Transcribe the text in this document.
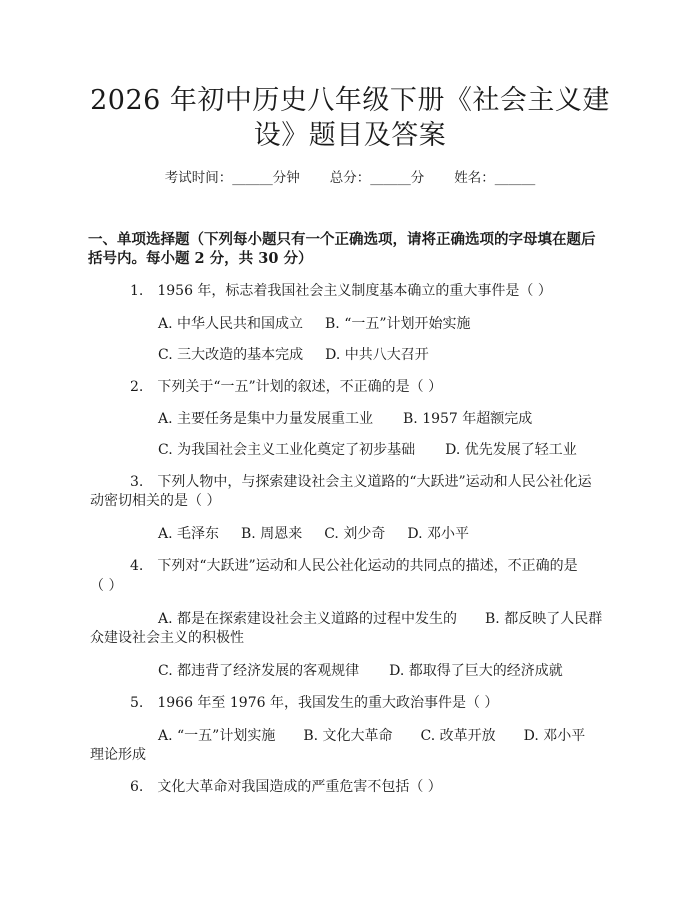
2026 年初中历史八年级下册《社会主义建
设》题目及答案
考试时间：______分钟 总分：______分 姓名：______
一、单项选择题（下列每小题只有一个正确选项，请将正确选项的字母填在题后
括号内。每小题 2 分，共 30 分）
1.　1956 年，标志着我国社会主义制度基本确立的重大事件是（ ）
A. 中华人民共和国成立 B. “一五”计划开始实施
C. 三大改造的基本完成 D. 中共八大召开
2.　下列关于“一五”计划的叙述，不正确的是（ ）
A. 主要任务是集中力量发展重工业 B. 1957 年超额完成
C. 为我国社会主义工业化奠定了初步基础 D. 优先发展了轻工业
3.　下列人物中，与探索建设社会主义道路的“大跃进”运动和人民公社化运
动密切相关的是（ ）
A. 毛泽东 B. 周恩来 C. 刘少奇 D. 邓小平
4.　下列对“大跃进”运动和人民公社化运动的共同点的描述，不正确的是
（ ）
A. 都是在探索建设社会主义道路的过程中发生的　　B. 都反映了人民群
众建设社会主义的积极性
C. 都违背了经济发展的客观规律 D. 都取得了巨大的经济成就
5.　1966 年至 1976 年，我国发生的重大政治事件是（ ）
A. “一五”计划实施　　B. 文化大革命　　C. 改革开放　　D. 邓小平
理论形成
6.　文化大革命对我国造成的严重危害不包括（ ）
